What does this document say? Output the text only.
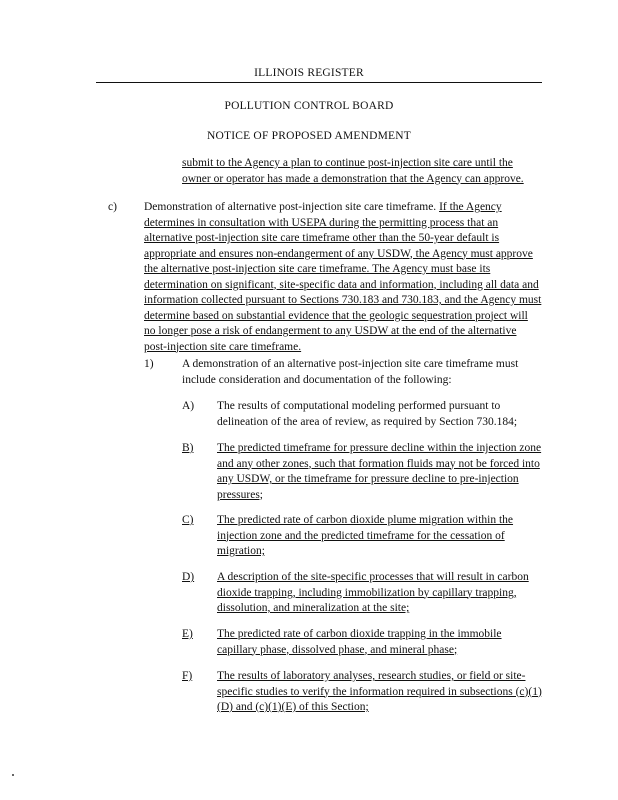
ILLINOIS REGISTER
POLLUTION CONTROL BOARD
NOTICE OF PROPOSED AMENDMENT

submit to the Agency a plan to continue post-injection site care until the owner or operator has made a demonstration that the Agency can approve.

c) Demonstration of alternative post-injection site care timeframe. If the Agency determines in consultation with USEPA during the permitting process that an alternative post-injection site care timeframe other than the 50-year default is appropriate and ensures non-endangerment of any USDW, the Agency must approve the alternative post-injection site care timeframe. The Agency must base its determination on significant, site-specific data and information, including all data and information collected pursuant to Sections 730.183 and 730.183, and the Agency must determine based on substantial evidence that the geologic sequestration project will no longer pose a risk of endangerment to any USDW at the end of the alternative post-injection site care timeframe.

1) A demonstration of an alternative post-injection site care timeframe must include consideration and documentation of the following:

A) The results of computational modeling performed pursuant to delineation of the area of review, as required by Section 730.184;

B) The predicted timeframe for pressure decline within the injection zone and any other zones, such that formation fluids may not be forced into any USDW, or the timeframe for pressure decline to pre-injection pressures;

C) The predicted rate of carbon dioxide plume migration within the injection zone and the predicted timeframe for the cessation of migration;

D) A description of the site-specific processes that will result in carbon dioxide trapping, including immobilization by capillary trapping, dissolution, and mineralization at the site;

E) The predicted rate of carbon dioxide trapping in the immobile capillary phase, dissolved phase, and mineral phase;

F) The results of laboratory analyses, research studies, or field or site-specific studies to verify the information required in subsections (c)(1)(D) and (c)(1)(E) of this Section;
